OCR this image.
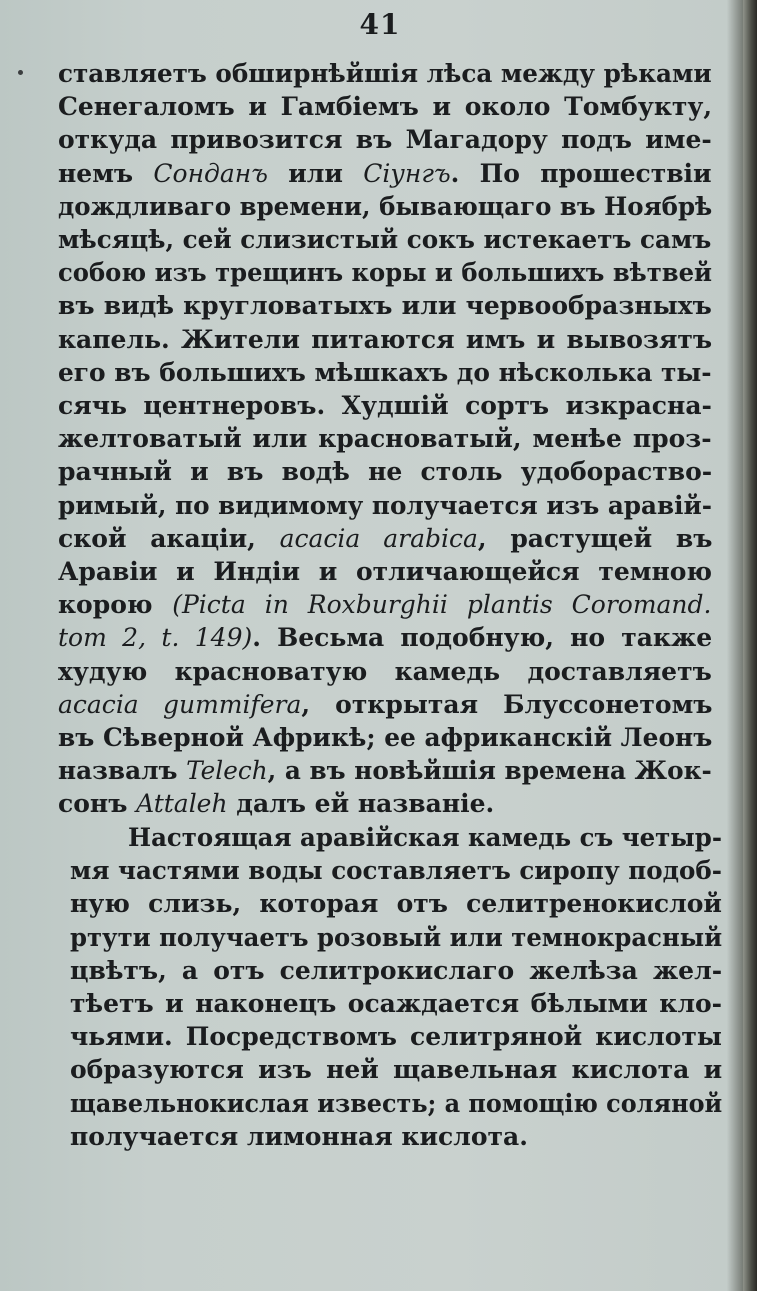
41
ставляетъ обширнѣйшія лѣса между рѣками
Сенегаломъ и Гамбіемъ и около Томбукту,
откуда привозится въ Магадору подъ име-
немъ Сонданъ или Сіунгъ. По прошествіи
дождливаго времени, бывающаго въ Ноябрѣ
мѣсяцѣ, сей слизистый сокъ истекаетъ самъ
собою изъ трещинъ коры и большихъ вѣтвей
въ видѣ кругловатыхъ или червообразныхъ
капель. Жители питаются имъ и вывозятъ
его въ большихъ мѣшкахъ до нѣсколька ты-
сячь центнеровъ. Худшій сортъ изкрасна-
желтоватый или красноватый, менѣе проз-
рачный и въ водѣ не столь удобораство-
римый, по видимому получается изъ аравій-
ской акаціи, acacia arabica, растущей въ
Аравіи и Индіи и отличающейся темною
корою (Picta in Roxburghii plantis Coromand.
tom 2, t. 149). Весьма подобную, но также
худую красноватую камедь доставляетъ
acacia gummifera, открытая Блуссонетомъ
въ Сѣверной Африкѣ; ее африканскій Леонъ
назвалъ Telech, а въ новѣйшія времена Жок-
сонъ Attaleh далъ ей названіе.
Настоящая аравійская камедь съ четыр-
мя частями воды составляетъ сиропу подоб-
ную слизь, которая отъ селитренокислой
ртути получаетъ розовый или темнокрасный
цвѣтъ, а отъ селитрокислаго желѣза жел-
тѣетъ и наконецъ осаждается бѣлыми кло-
чьями. Посредствомъ селитряной кислоты
образуются изъ ней щавельная кислота и
щавельнокислая известь; а помощію соляной
получается лимонная кислота.
